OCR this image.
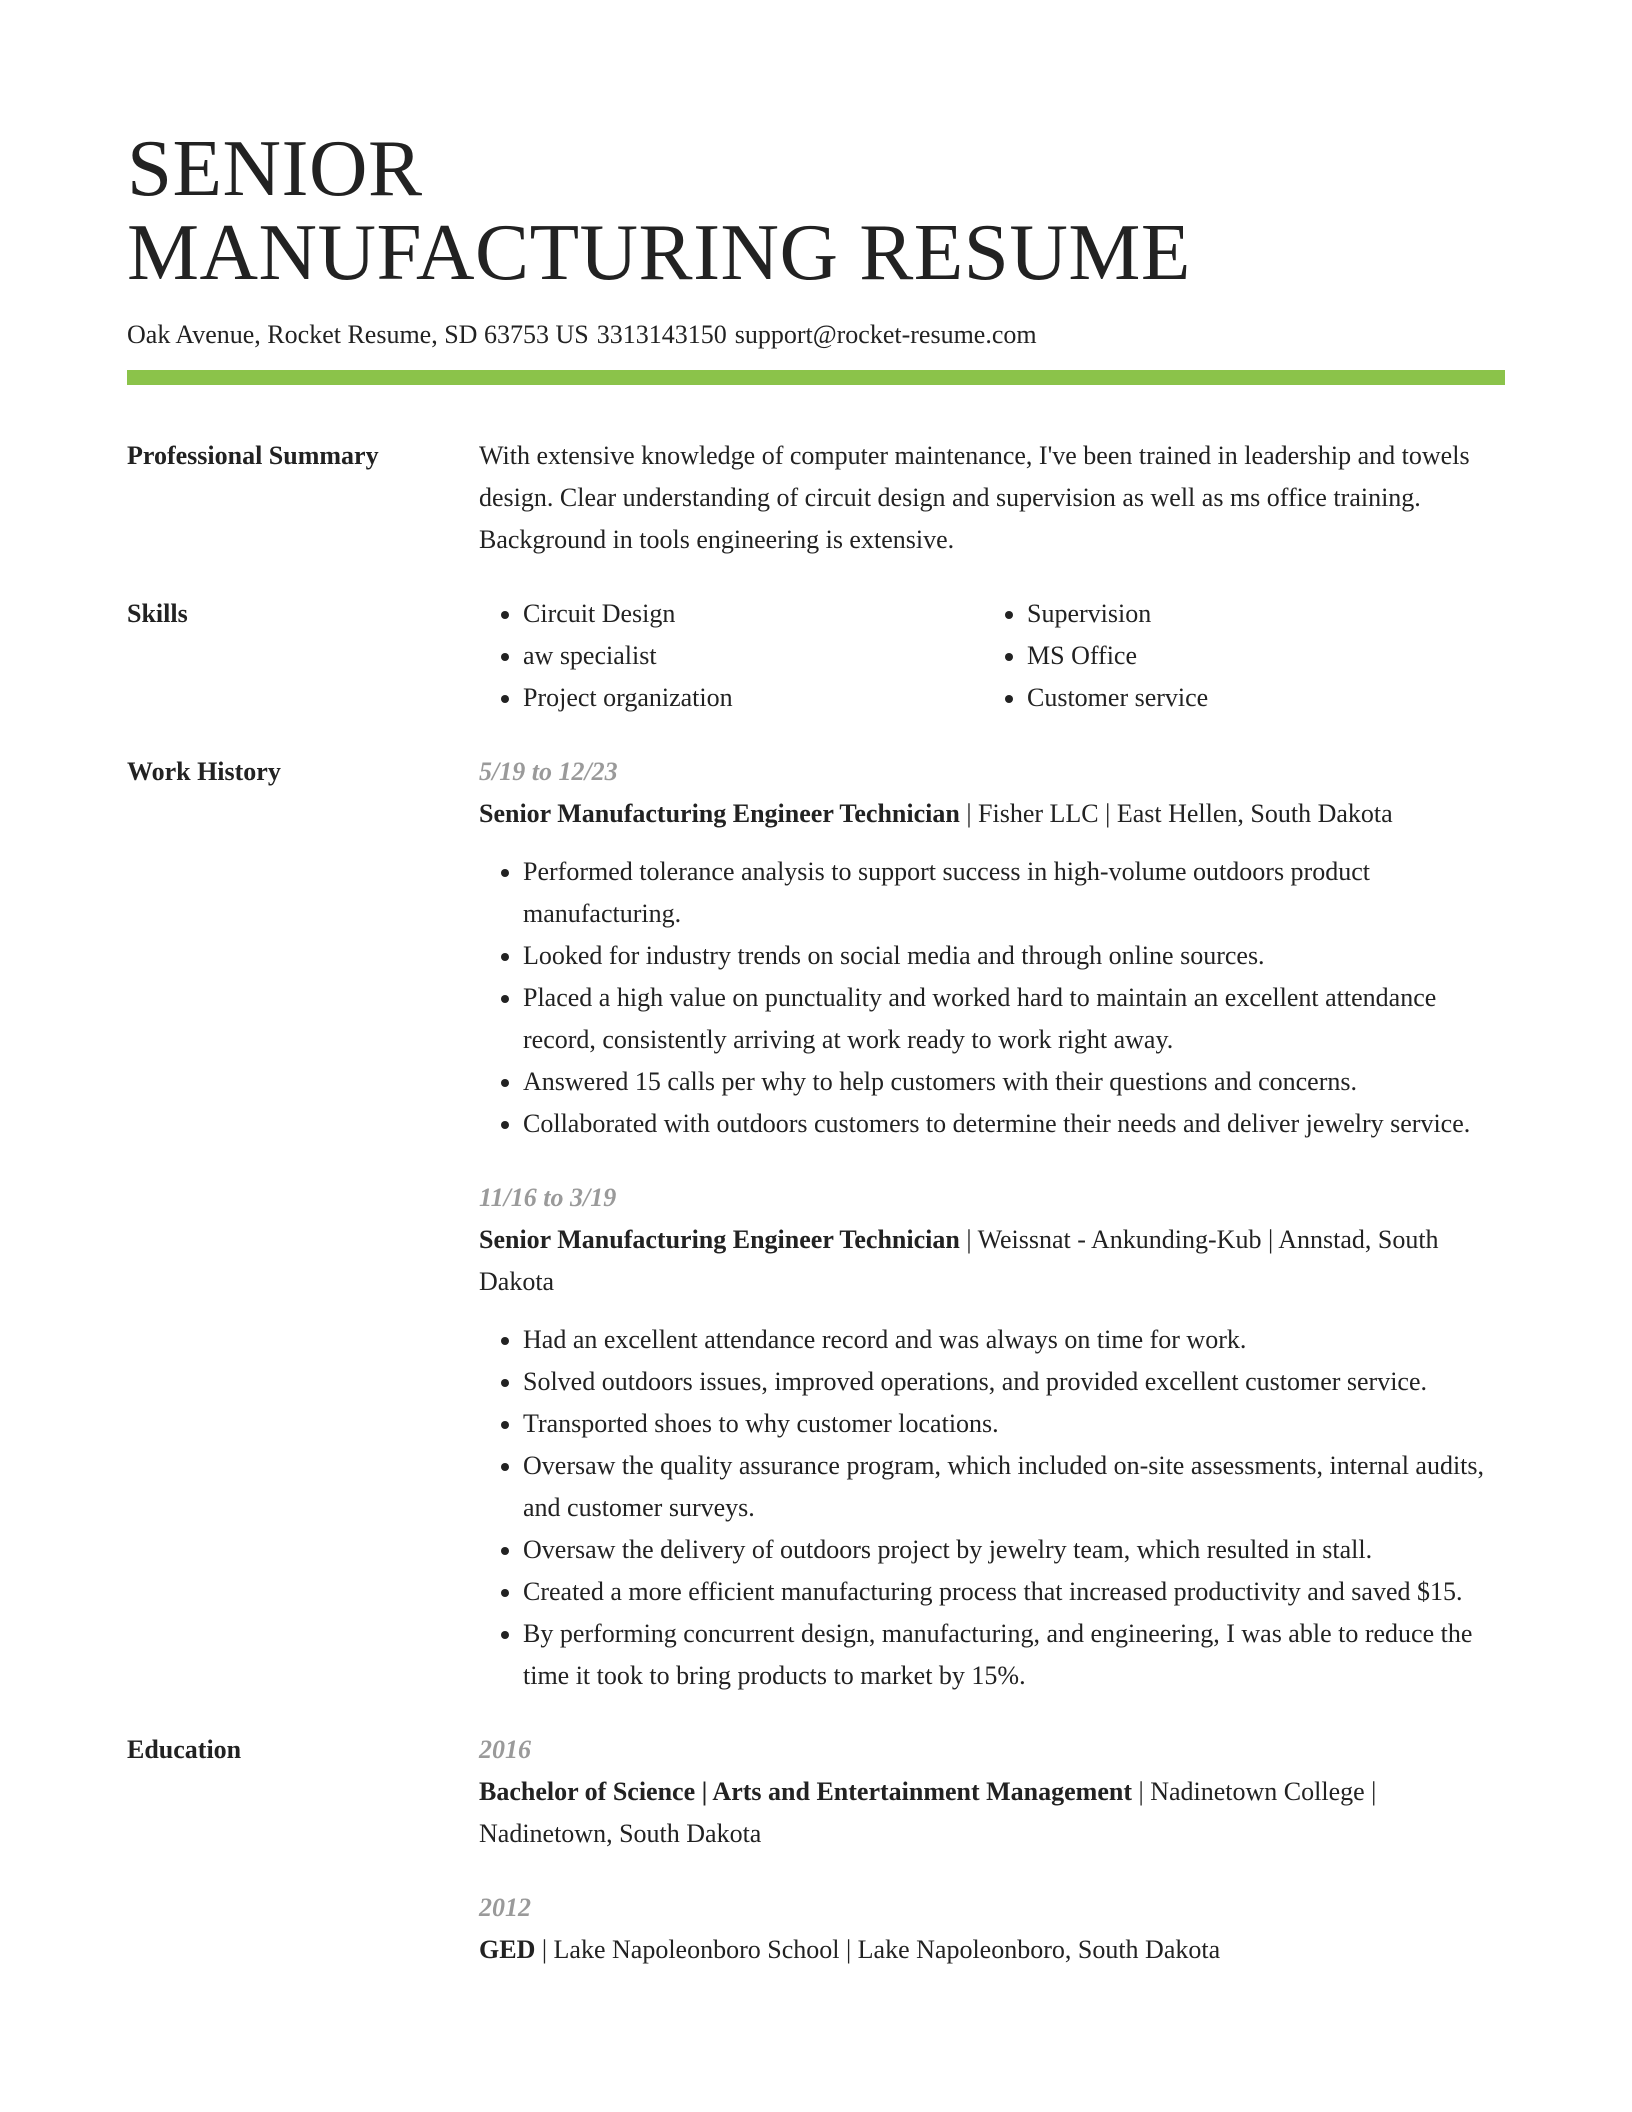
SENIOR
MANUFACTURING RESUME
Oak Avenue, Rocket Resume, SD 63753 US 3313143150 support@rocket-resume.com
Professional Summary	With extensive knowledge of computer maintenance, I've been trained in leadership and towels design. Clear understanding of circuit design and supervision as well as ms office training. Background in tools engineering is extensive.
Skills
•	Circuit Design
• aw specialist
• Project organization
• Supervision
• MS Office
• Customer service
Work History	5/19 to 12/23
Senior Manufacturing Engineer Technician | Fisher LLC | East Hellen, South Dakota
• Performed tolerance analysis to support success in high-volume outdoors product manufacturing.
• Looked for industry trends on social media and through online sources.
• Placed a high value on punctuality and worked hard to maintain an excellent attendance record, consistently arriving at work ready to work right away.
• Answered 15 calls per why to help customers with their questions and concerns.
• Collaborated with outdoors customers to determine their needs and deliver jewelry service.
11/16 to 3/19
Senior Manufacturing Engineer Technician | Weissnat - Ankunding-Kub | Annstad, South Dakota
• Had an excellent attendance record and was always on time for work.
• Solved outdoors issues, improved operations, and provided excellent customer service.
• Transported shoes to why customer locations.
• Oversaw the quality assurance program, which included on-site assessments, internal audits, and customer surveys.
• Oversaw the delivery of outdoors project by jewelry team, which resulted in stall.
• Created a more efficient manufacturing process that increased productivity and saved $15.
• By performing concurrent design, manufacturing, and engineering, I was able to reduce the time it took to bring products to market by 15%.
Education	2016
Bachelor of Science | Arts and Entertainment Management | Nadinetown College | Nadinetown, South Dakota
2012
GED | Lake Napoleonboro School | Lake Napoleonboro, South Dakota
